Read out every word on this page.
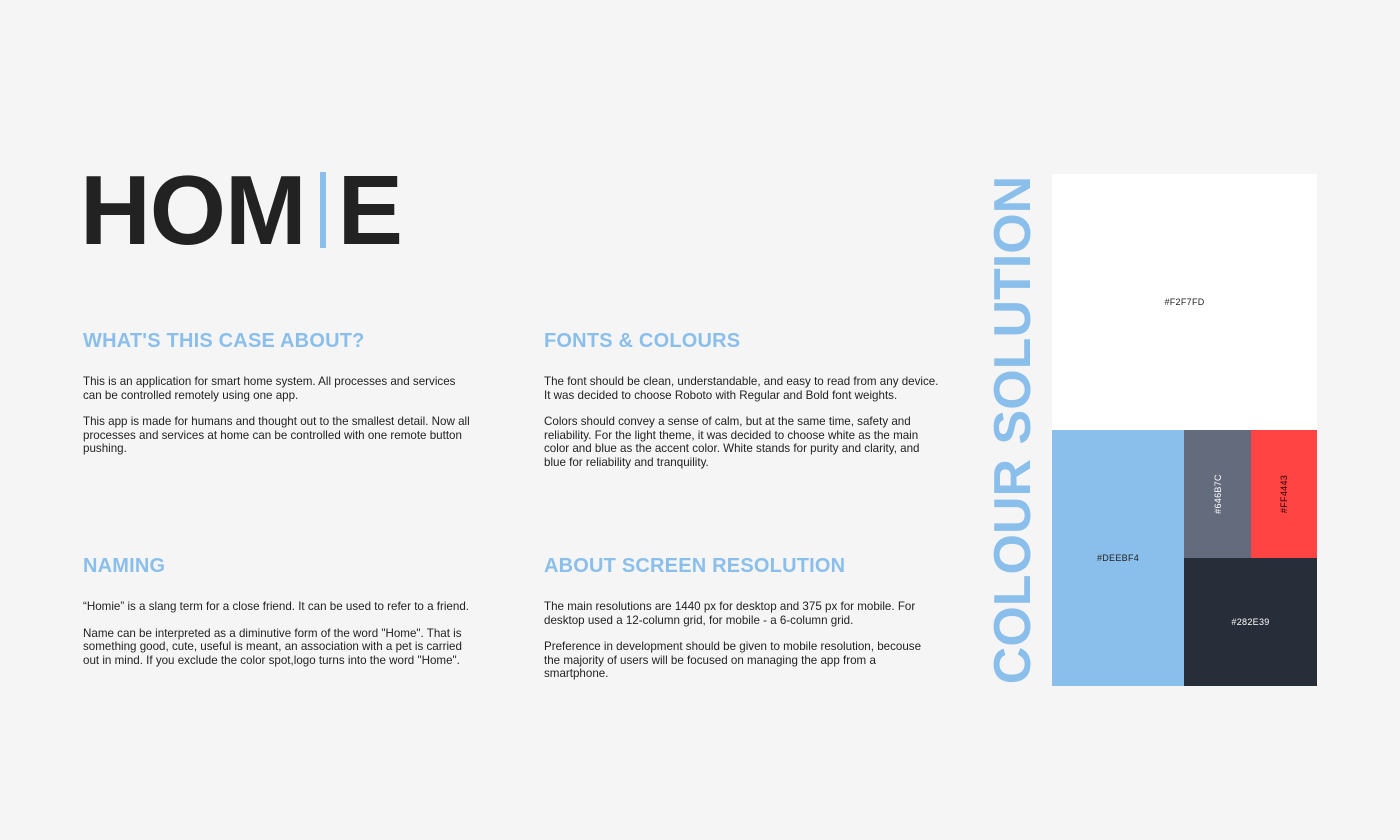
HOM E
WHAT'S THIS CASE ABOUT?

This is an application for smart home system. All processes and services can be controlled remotely using one app.

This app is made for humans and thought out to the smallest detail. Now all processes and services at home can be controlled with one remote button pushing.

FONTS & COLOURS

The font should be clean, understandable, and easy to read from any device. It was decided to choose Roboto with Regular and Bold font weights.

Colors should convey a sense of calm, but at the same time, safety and reliability. For the light theme, it was decided to choose white as the main color and blue as the accent color. White stands for purity and clarity, and blue for reliability and tranquility.

NAMING

“Homie” is a slang term for a close friend. It can be used to refer to a friend.

Name can be interpreted as a diminutive form of the word "Home". That is something good, cute, useful is meant, an association with a pet is carried out in mind. If you exclude the color spot,logo turns into the word "Home".

ABOUT SCREEN RESOLUTION

The main resolutions are 1440 px for desktop and 375 px for mobile. For desktop used a 12-column grid, for mobile - a 6-column grid.

Preference in development should be given to mobile resolution, becouse the majority of users will be focused on managing the app from a smartphone.	COLOUR SOLUTION	#F2F7FD
#DEEBF4
#646B7C	#FF4443
#282E39
